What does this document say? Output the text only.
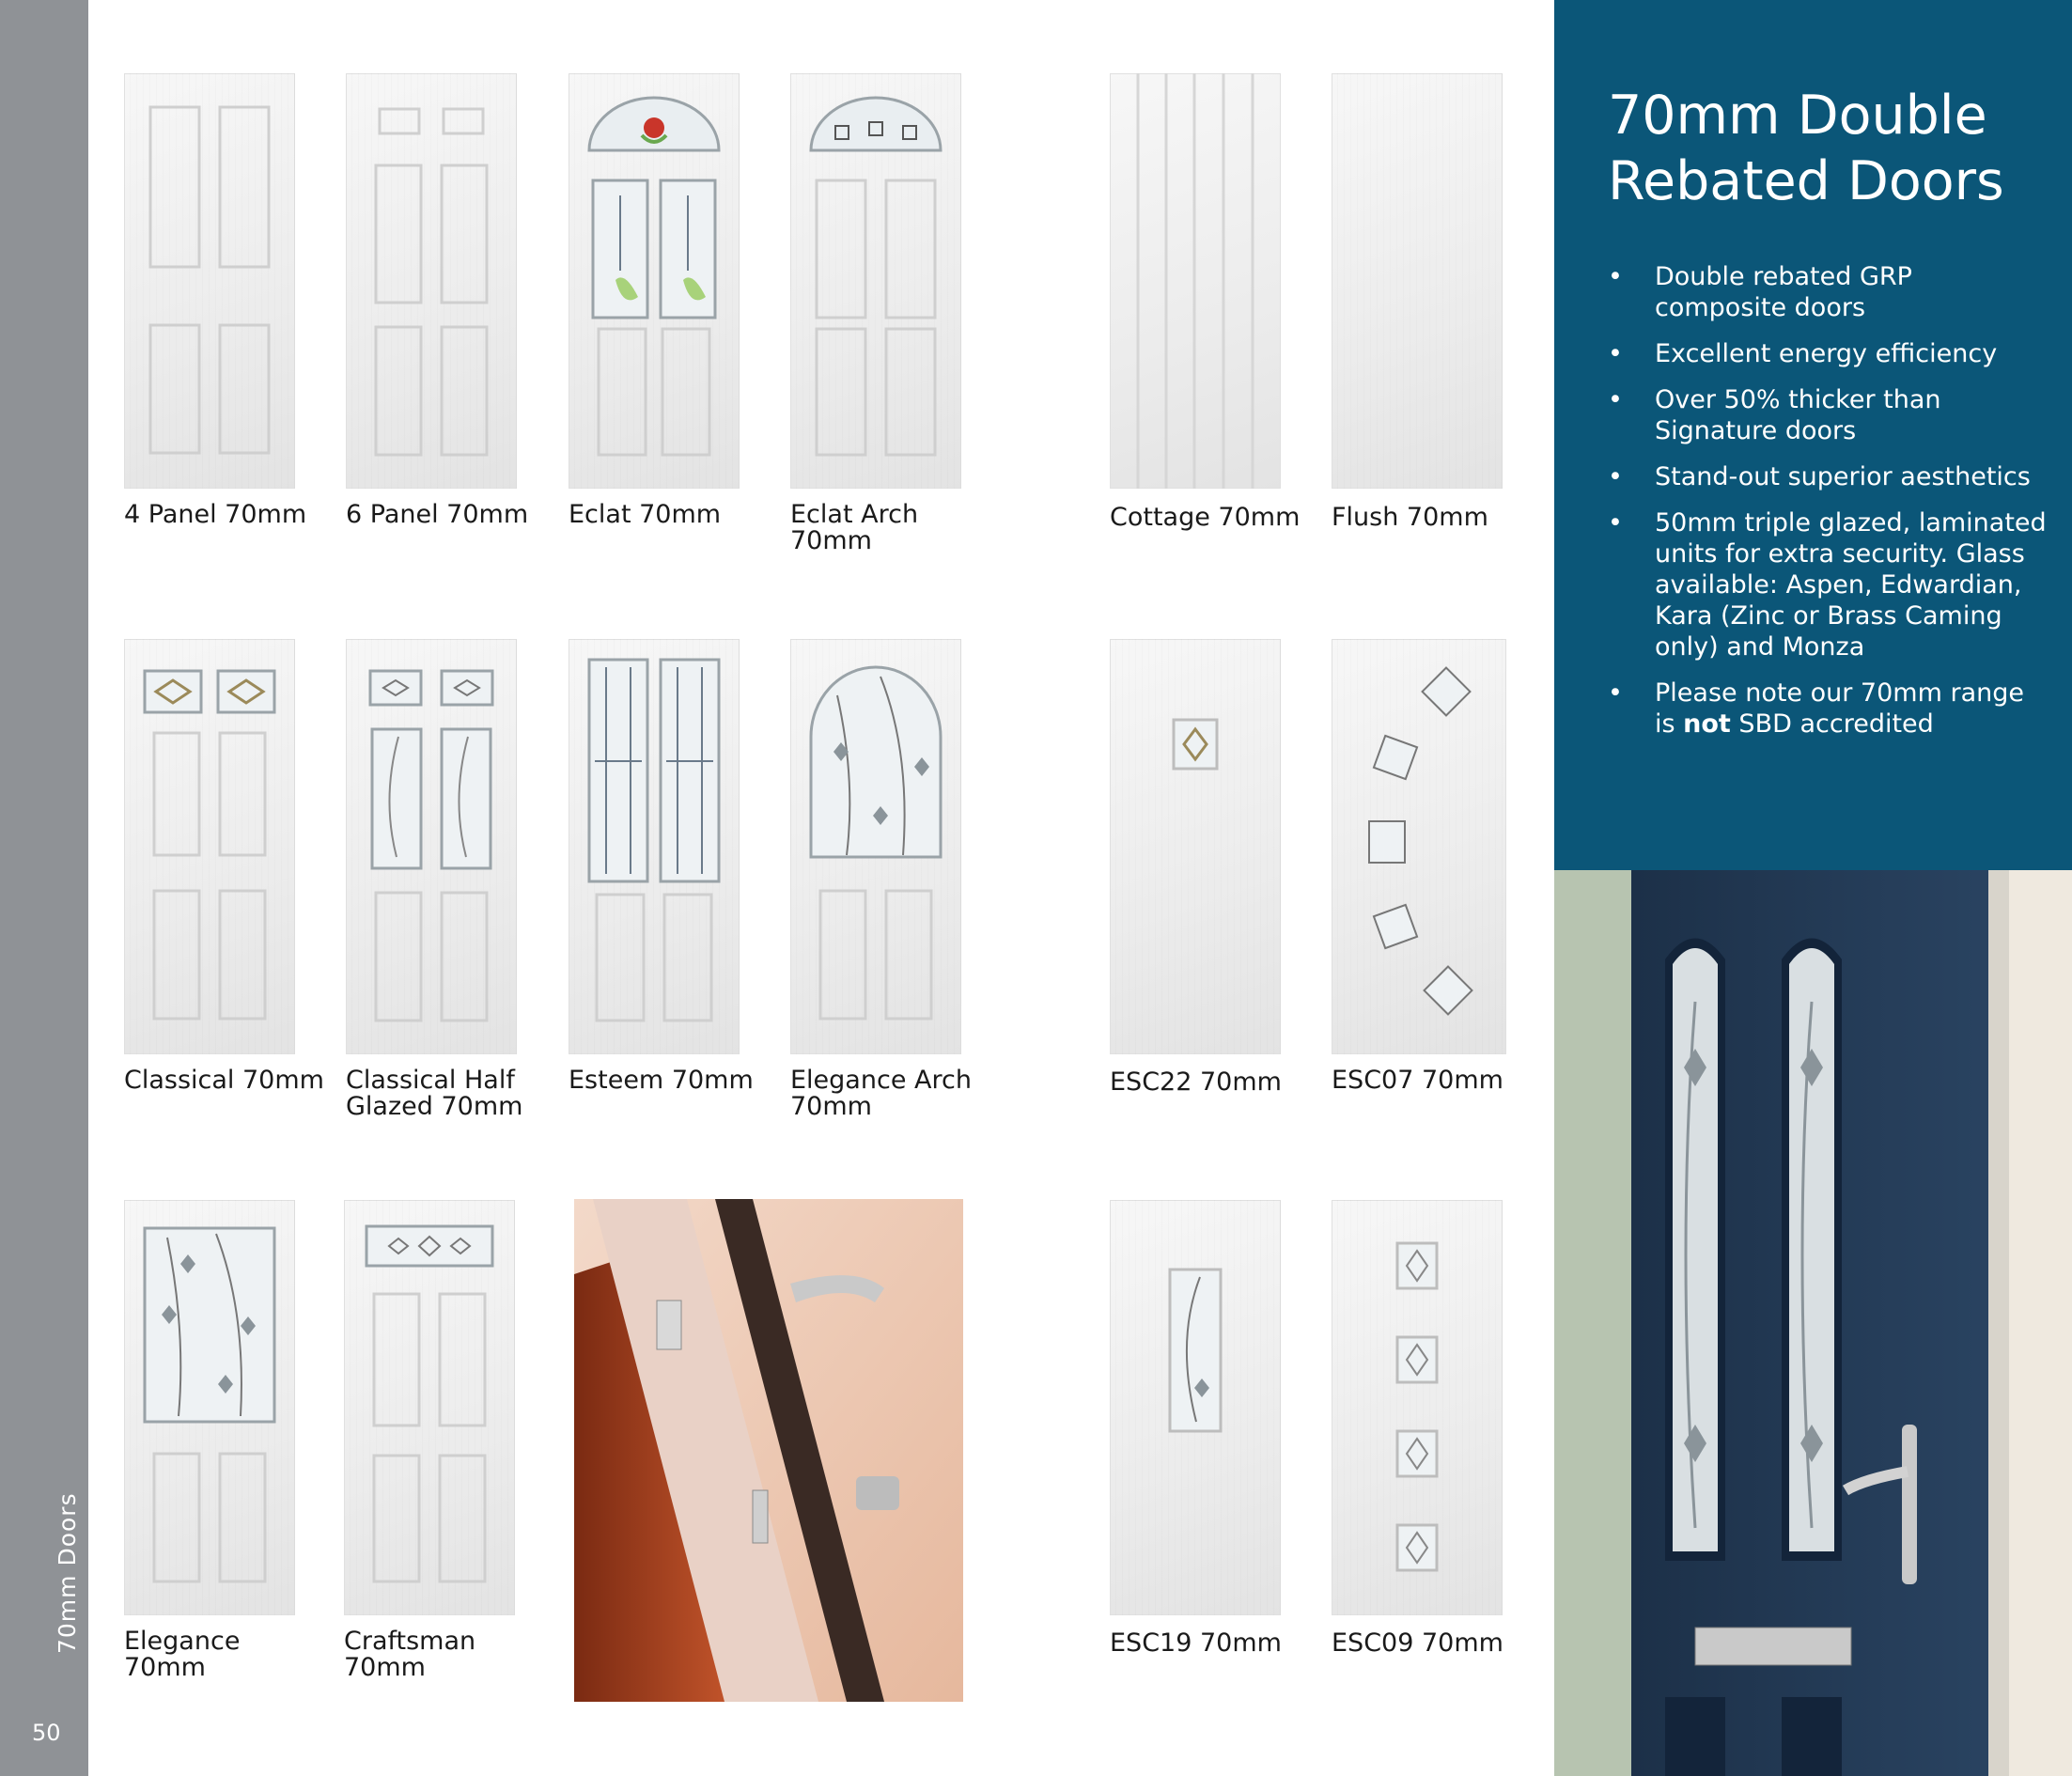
70mm Doors
50
4 Panel 70mm	6 Panel 70mm	Eclat 70mm	Eclat Arch 70mm
Cottage 70mm	Flush 70mm
Classical 70mm Classical Half Glazed 70mm
Esteem 70mm	Elegance Arch 70mm
ESC22 70mm	ESC07 70mm
Elegance 70mm
Craftsman 70mm
ESC19 70mm	ESC09 70mm
70mm Double Rebated Doors
• Double rebated GRP composite doors
• Excellent energy efficiency
• Over 50% thicker than Signature doors
• Stand-out superior aesthetics
• 50mm triple glazed, laminated units for extra security. Glass available: Aspen, Edwardian, Kara (Zinc or Brass Caming only) and Monza
• Please note our 70mm range is not SBD accredited
